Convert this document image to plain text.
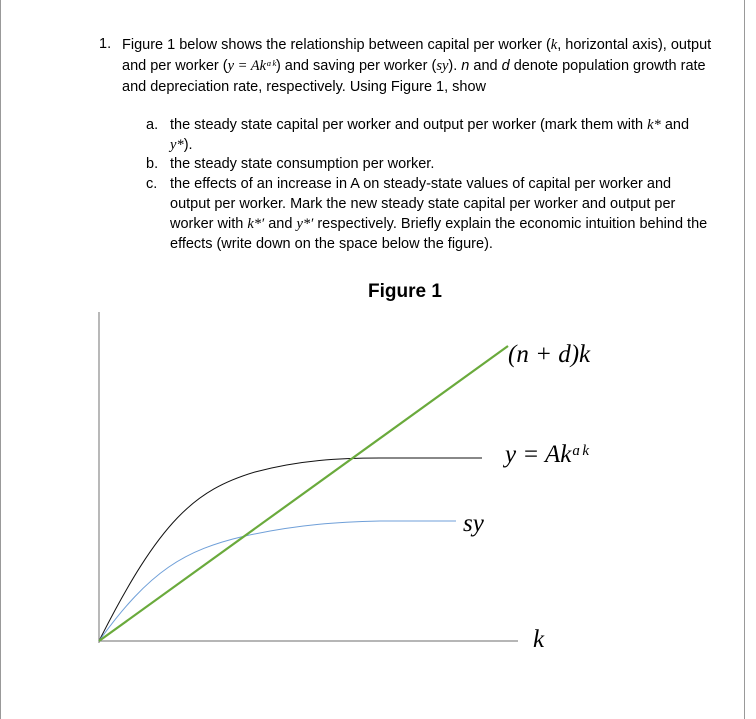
1. Figure 1 below shows the relationship between capital per worker (k, horizontal axis), output and per worker (y = Akᵅᵏ) and saving per worker (sy). n and d denote population growth rate and depreciation rate, respectively. Using Figure 1, show
a. the steady state capital per worker and output per worker (mark them with k* and y*).
b. the steady state consumption per worker.
c. the effects of an increase in A on steady-state values of capital per worker and output per worker. Mark the new steady state capital per worker and output per worker with k*′ and y*′ respectively. Briefly explain the economic intuition behind the effects (write down on the space below the figure).
Figure 1
(n + d)k
y = Akᵅᵏ
sy
k
